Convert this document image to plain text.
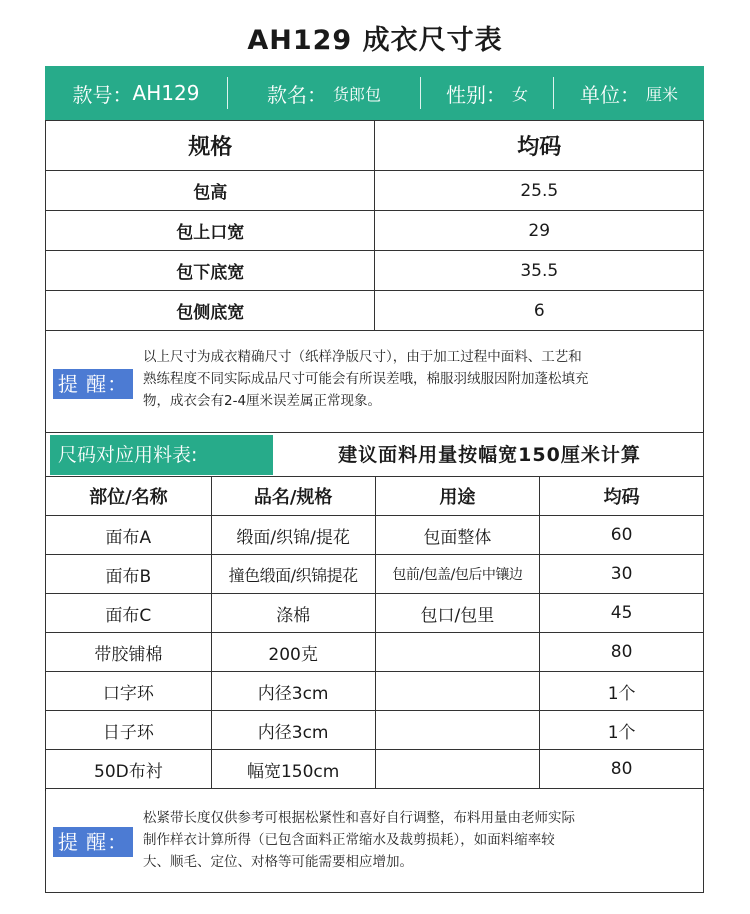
AH129 成衣尺寸表
款号： AH129	款名： 货郎包	性别： 女	单位： 厘米
规格	均码
包高	25.5
包上口宽	29
包下底宽	35.5
包侧底宽	6
提 醒：
以上尺寸为成衣精确尺寸（纸样净版尺寸），由于加工过程中面料、工艺和
熟练程度不同实际成品尺寸可能会有所误差哦，棉服羽绒服因附加蓬松填充
物，成衣会有2-4厘米误差属正常现象。
尺码对应用料表:	建议面料用量按幅宽150厘米计算
部位/名称	品名/规格	用途	均码
面布A	缎面/织锦/提花	包面整体	60
面布B	撞色缎面/织锦提花	包前/包盖/包后中镶边	30
面布C	涤棉	包口/包里	45
带胶铺棉	200克		80
口字环	内径3cm		1个
日子环	内径3cm		1个
50D布衬	幅宽150cm		80
提 醒：
松紧带长度仅供参考可根据松紧性和喜好自行调整，布料用量由老师实际
制作样衣计算所得（已包含面料正常缩水及裁剪损耗），如面料缩率较
大、顺毛、定位、对格等可能需要相应增加。
